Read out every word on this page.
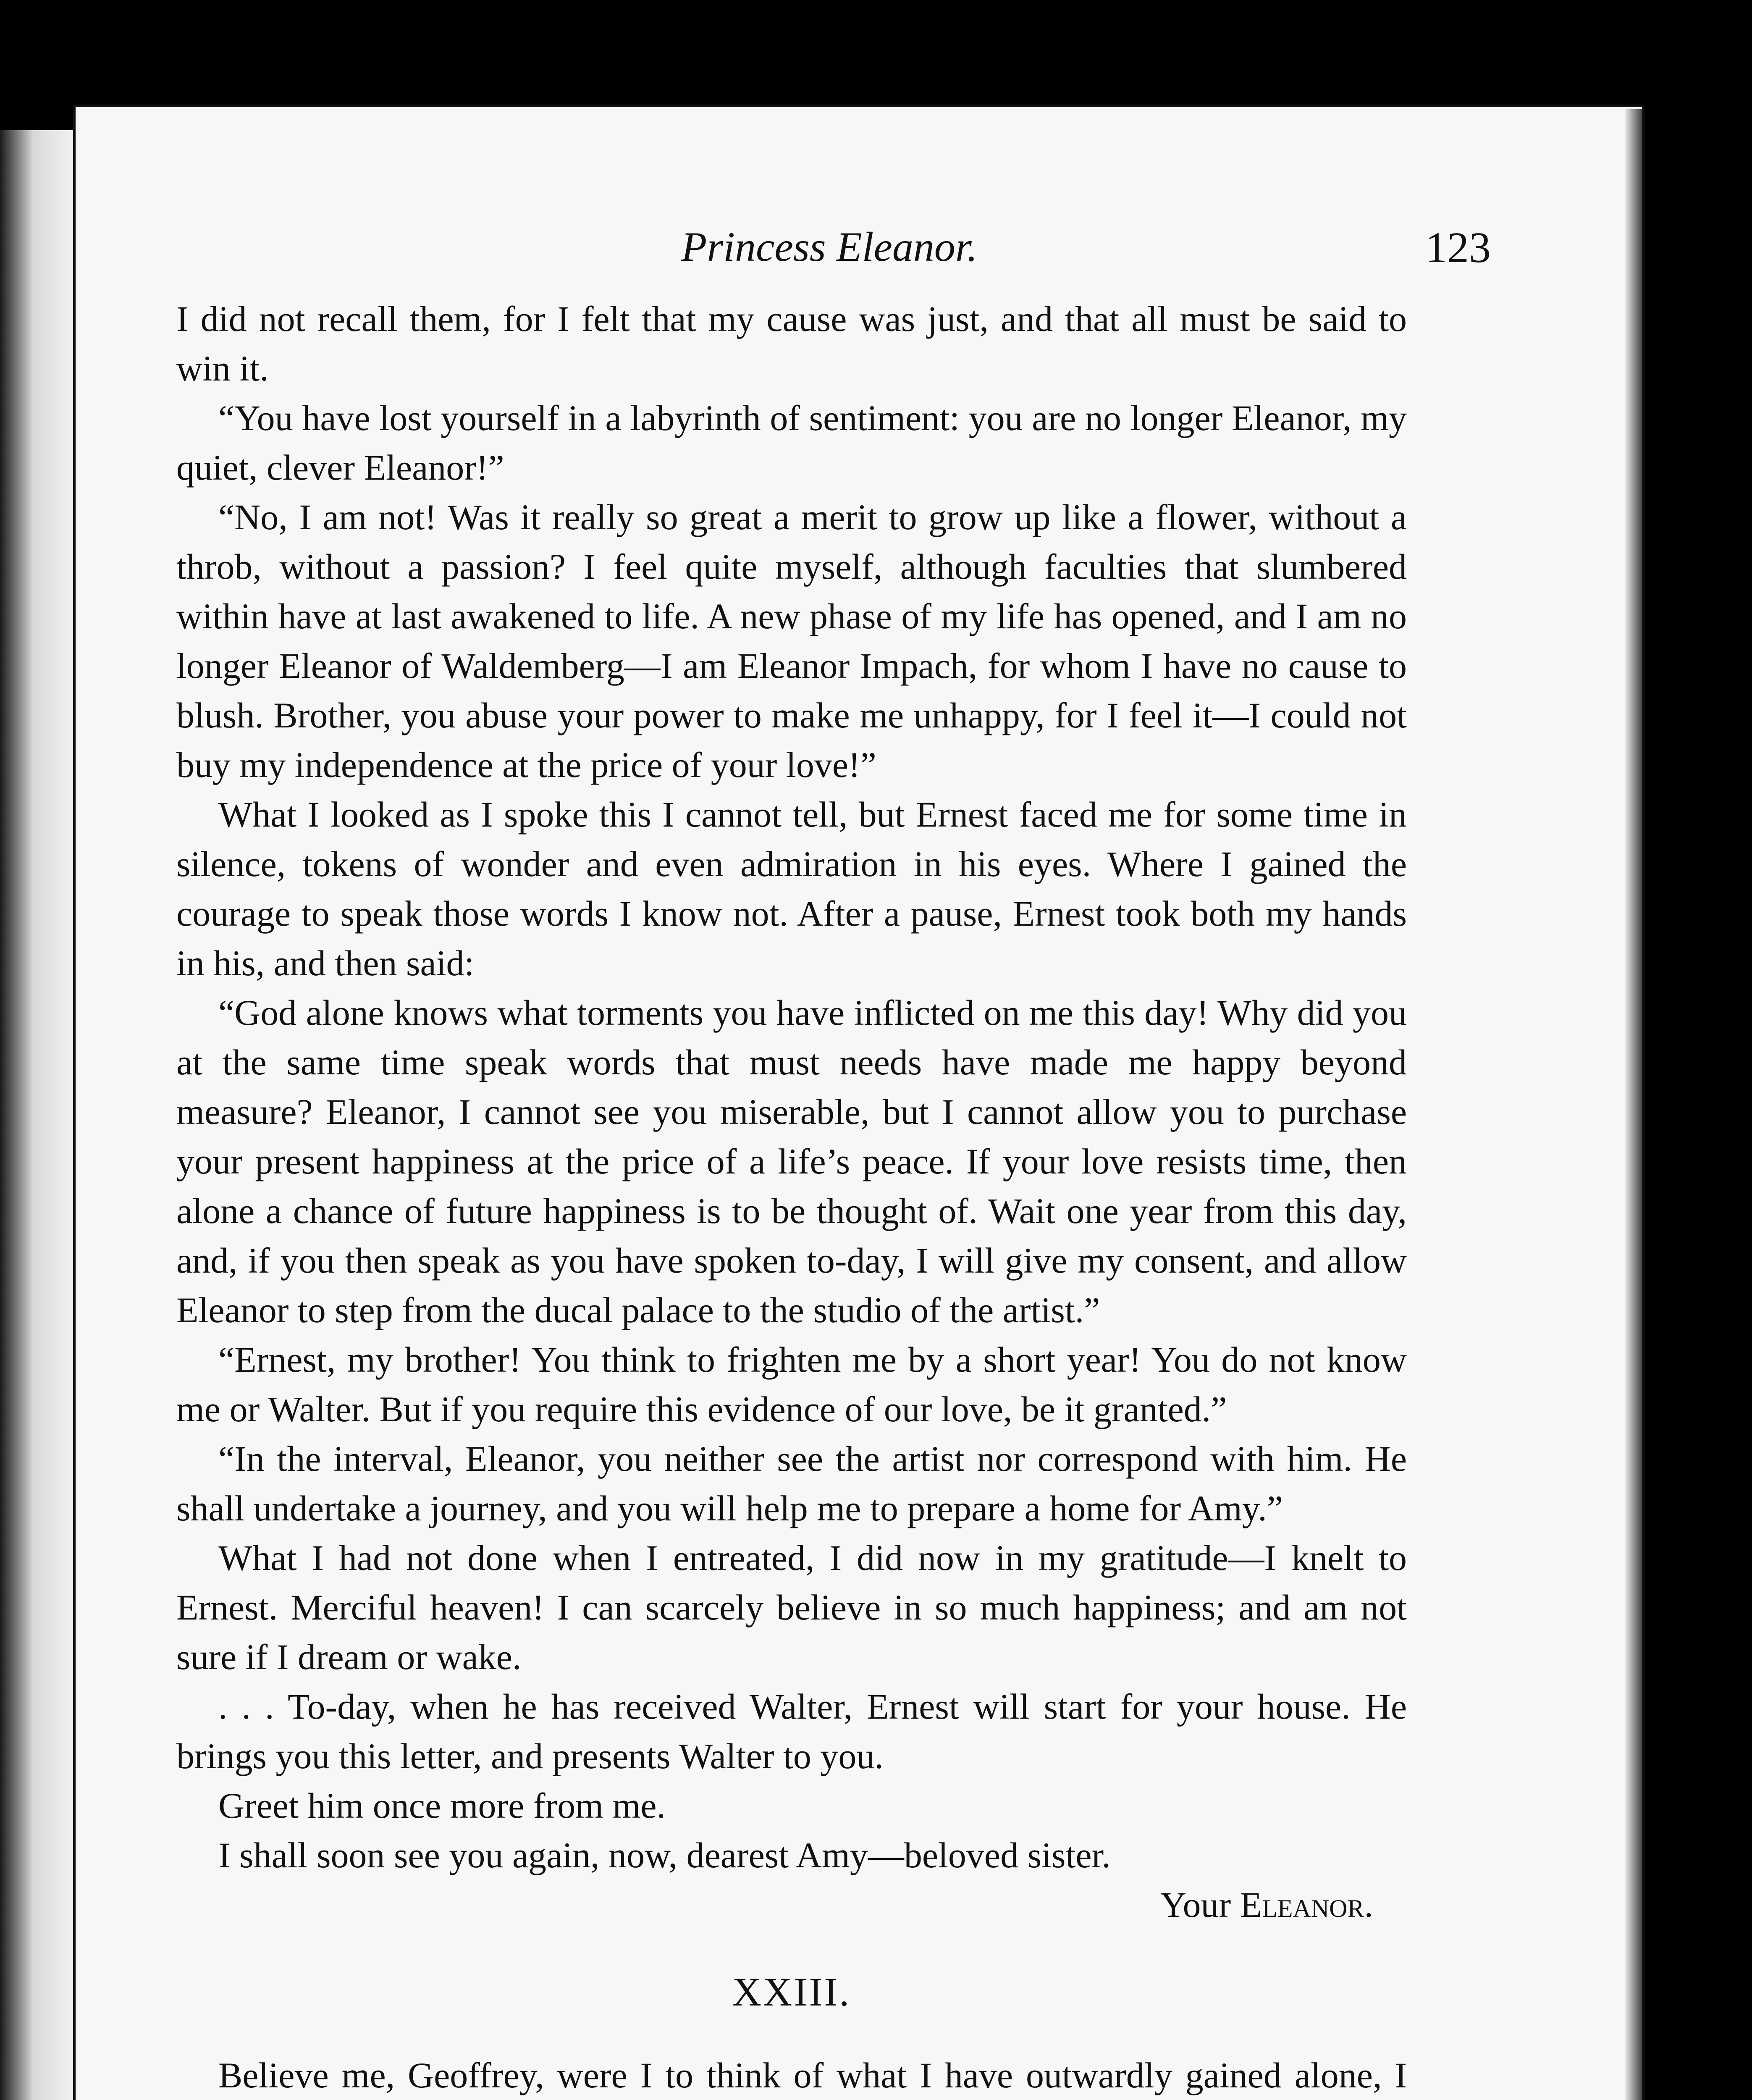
Princess Eleanor.	123

I did not recall them, for I felt that my cause was just, and that all must be said to win it.

“You have lost yourself in a labyrinth of sentiment: you are no longer Eleanor, my quiet, clever Eleanor!”

“No, I am not! Was it really so great a merit to grow up like a flower, without a throb, without a passion? I feel quite myself, although faculties that slumbered within have at last awakened to life. A new phase of my life has opened, and I am no longer Eleanor of Waldemberg—I am Eleanor Impach, for whom I have no cause to blush. Brother, you abuse your power to make me unhappy, for I feel it—I could not buy my independence at the price of your love!”

What I looked as I spoke this I cannot tell, but Ernest faced me for some time in silence, tokens of wonder and even admiration in his eyes. Where I gained the courage to speak those words I know not. After a pause, Ernest took both my hands in his, and then said:

“God alone knows what torments you have inflicted on me this day! Why did you at the same time speak words that must needs have made me happy beyond measure? Eleanor, I cannot see you miserable, but I cannot allow you to purchase your present happiness at the price of a life’s peace. If your love resists time, then alone a chance of future happiness is to be thought of. Wait one year from this day, and, if you then speak as you have spoken to-day, I will give my consent, and allow Eleanor to step from the ducal palace to the studio of the artist.”

“Ernest, my brother! You think to frighten me by a short year! You do not know me or Walter. But if you require this evidence of our love, be it granted.”

“In the interval, Eleanor, you neither see the artist nor correspond with him. He shall undertake a journey, and you will help me to prepare a home for Amy.”

What I had not done when I entreated, I did now in my gratitude—I knelt to Ernest. Merciful heaven! I can scarcely believe in so much happiness; and am not sure if I dream or wake.

. . . To-day, when he has received Walter, Ernest will start for your house. He brings you this letter, and presents Walter to you.

Greet him once more from me.

I shall soon see you again, now, dearest Amy—beloved sister.

Your Eleanor.

XXIII.

Believe me, Geoffrey, were I to think of what I have outwardly gained alone, I
